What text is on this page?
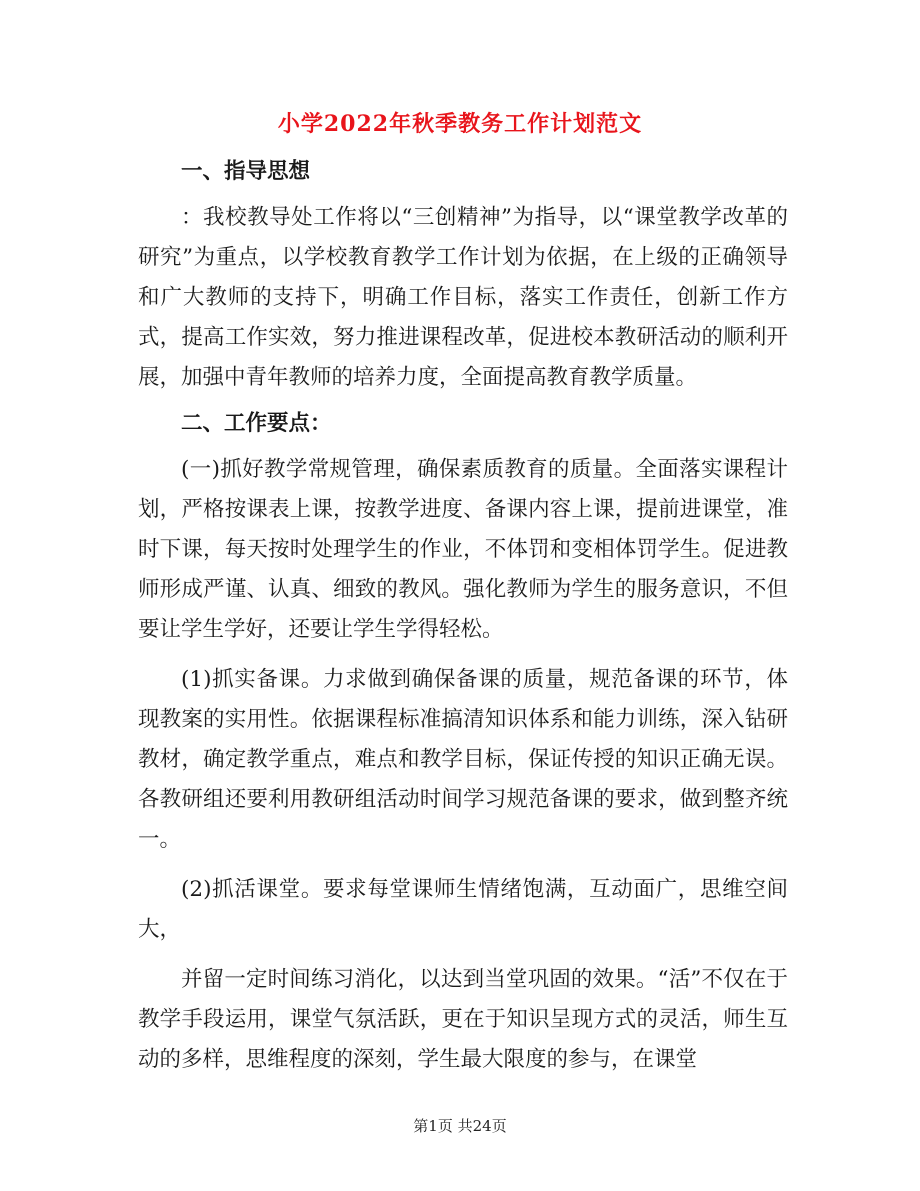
小学2022年秋季教务工作计划范文

一、指导思想

：我校教导处工作将以“三创精神”为指导，以“课堂教学改革的研究”为重点，以学校教育教学工作计划为依据，在上级的正确领导和广大教师的支持下，明确工作目标，落实工作责任，创新工作方式，提高工作实效，努力推进课程改革，促进校本教研活动的顺利开展，加强中青年教师的培养力度，全面提高教育教学质量。

二、工作要点：

(一)抓好教学常规管理，确保素质教育的质量。全面落实课程计划，严格按课表上课，按教学进度、备课内容上课，提前进课堂，准时下课，每天按时处理学生的作业，不体罚和变相体罚学生。促进教师形成严谨、认真、细致的教风。强化教师为学生的服务意识，不但要让学生学好，还要让学生学得轻松。

(1)抓实备课。力求做到确保备课的质量，规范备课的环节，体现教案的实用性。依据课程标准搞清知识体系和能力训练，深入钻研教材，确定教学重点，难点和教学目标，保证传授的知识正确无误。各教研组还要利用教研组活动时间学习规范备课的要求，做到整齐统一。

(2)抓活课堂。要求每堂课师生情绪饱满，互动面广，思维空间大，

并留一定时间练习消化，以达到当堂巩固的效果。“活”不仅在于教学手段运用，课堂气氛活跃，更在于知识呈现方式的灵活，师生互动的多样，思维程度的深刻，学生最大限度的参与，在课堂

第1页 共24页
